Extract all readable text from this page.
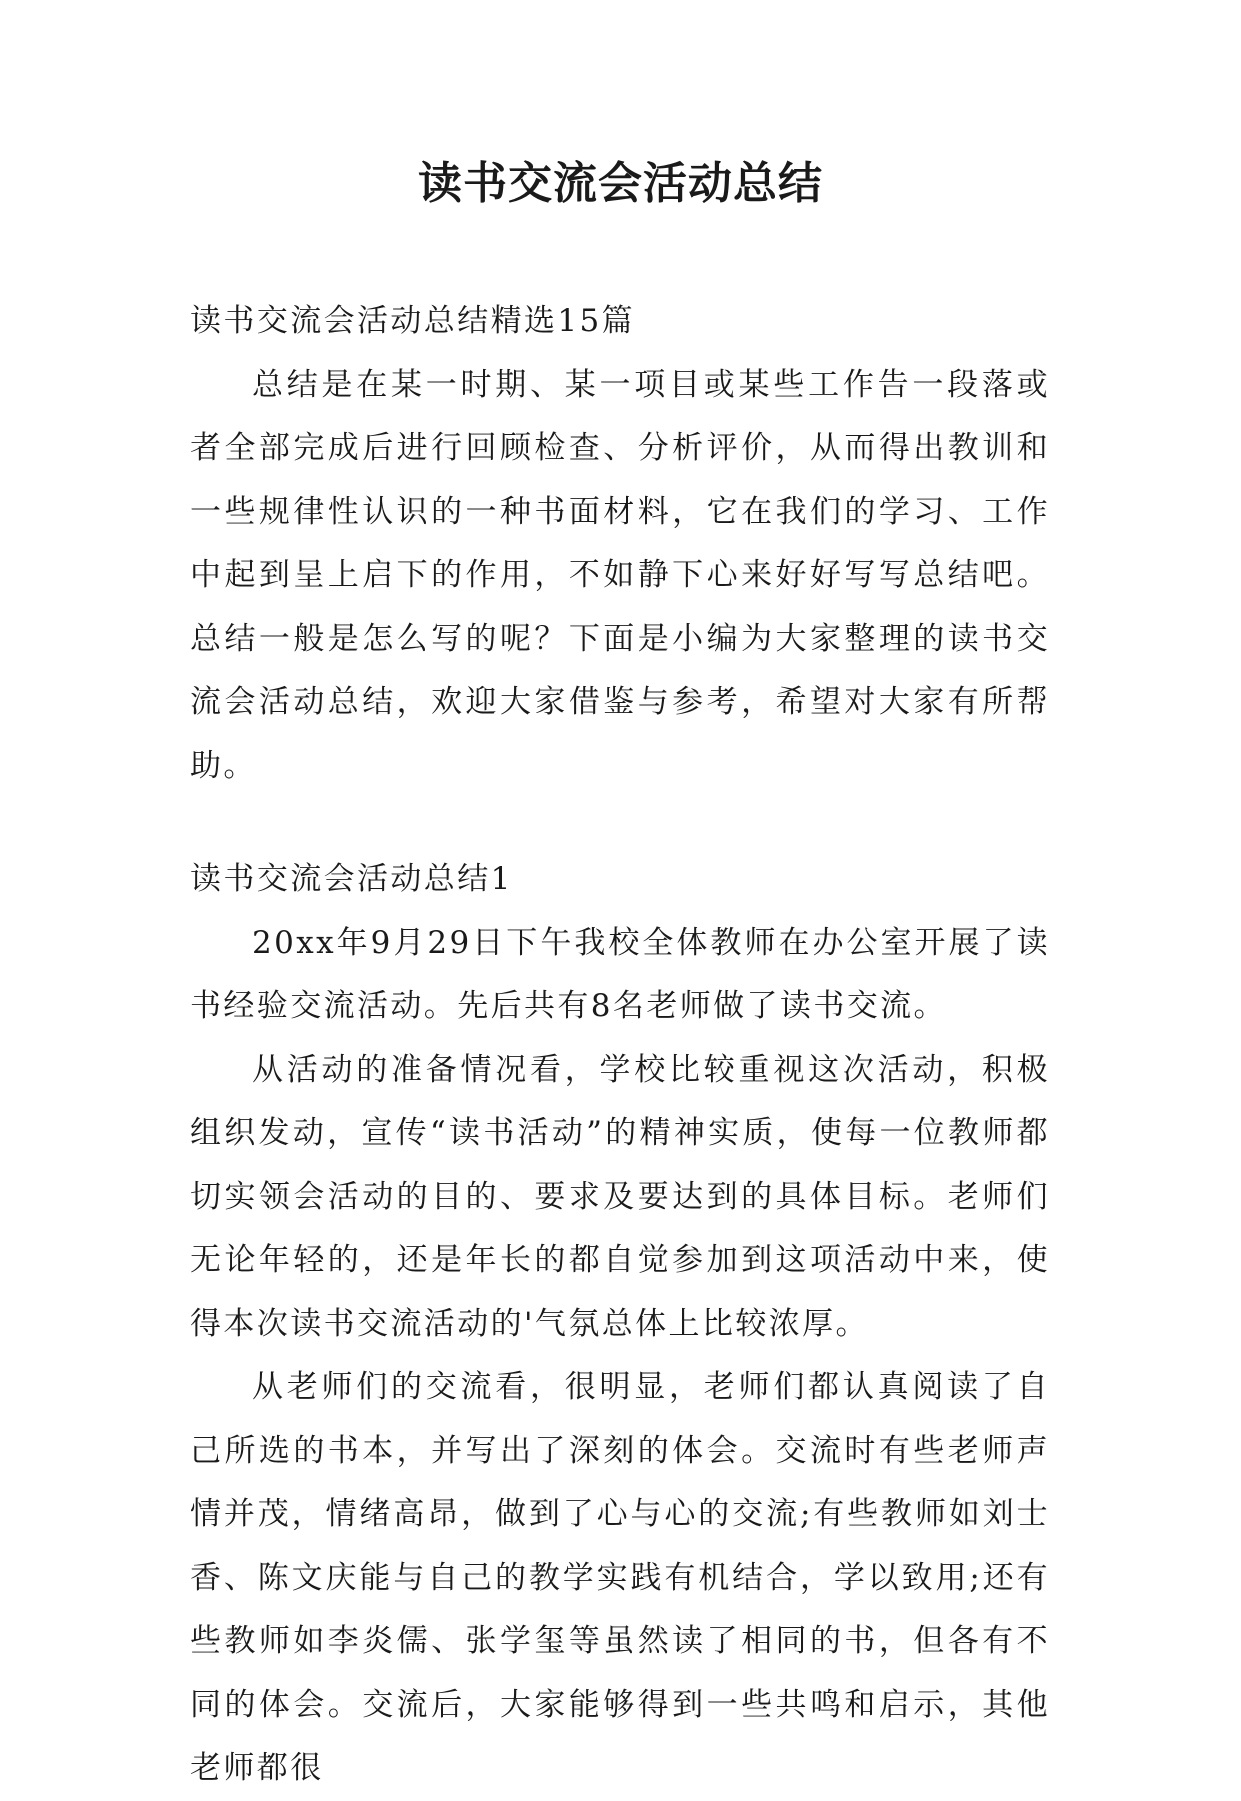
读书交流会活动总结

读书交流会活动总结精选15篇

总结是在某一时期、某一项目或某些工作告一段落或者全部完成后进行回顾检查、分析评价，从而得出教训和一些规律性认识的一种书面材料，它在我们的学习、工作中起到呈上启下的作用，不如静下心来好好写写总结吧。总结一般是怎么写的呢？下面是小编为大家整理的读书交流会活动总结，欢迎大家借鉴与参考，希望对大家有所帮助。

读书交流会活动总结1

20xx年9月29日下午我校全体教师在办公室开展了读书经验交流活动。先后共有8名老师做了读书交流。

从活动的准备情况看，学校比较重视这次活动，积极组织发动，宣传“读书活动”的精神实质，使每一位教师都切实领会活动的目的、要求及要达到的具体目标。老师们无论年轻的，还是年长的都自觉参加到这项活动中来，使得本次读书交流活动的'气氛总体上比较浓厚。

从老师们的交流看，很明显，老师们都认真阅读了自己所选的书本，并写出了深刻的体会。交流时有些老师声情并茂，情绪高昂，做到了心与心的交流;有些教师如刘士香、陈文庆能与自己的教学实践有机结合，学以致用;还有些教师如李炎儒、张学玺等虽然读了相同的书，但各有不同的体会。交流后，大家能够得到一些共鸣和启示，其他老师都很
